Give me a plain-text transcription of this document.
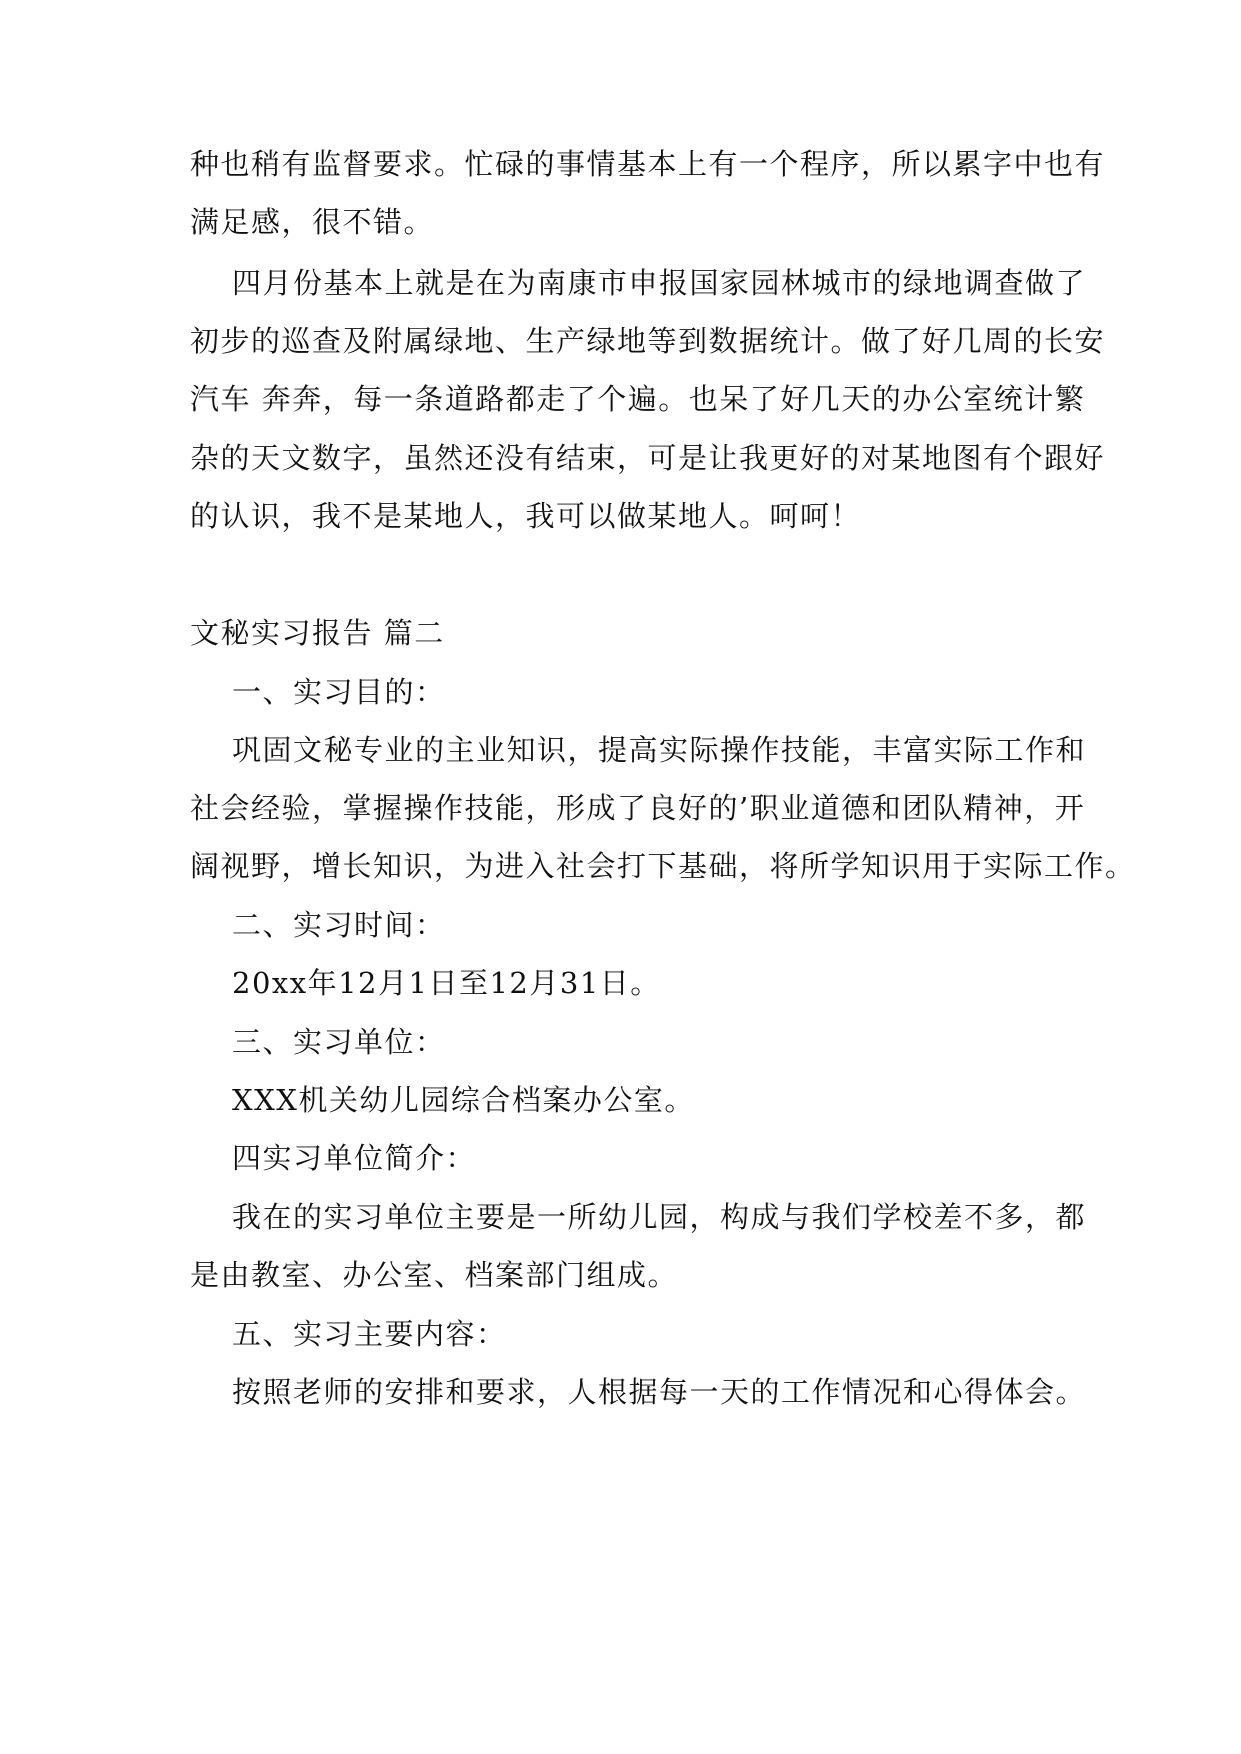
种也稍有监督要求。忙碌的事情基本上有一个程序，所以累字中也有
满足感，很不错。
四月份基本上就是在为南康市申报国家园林城市的绿地调查做了
初步的巡查及附属绿地、生产绿地等到数据统计。做了好几周的长安
汽车 奔奔，每一条道路都走了个遍。也呆了好几天的办公室统计繁
杂的天文数字，虽然还没有结束，可是让我更好的对某地图有个跟好
的认识，我不是某地人，我可以做某地人。呵呵！
文秘实习报告 篇二
一、实习目的：
巩固文秘专业的主业知识，提高实际操作技能，丰富实际工作和
社会经验，掌握操作技能，形成了良好的’职业道德和团队精神，开
阔视野，增长知识，为进入社会打下基础，将所学知识用于实际工作。
二、实习时间：
20xx年12月1日至12月31日。
三、实习单位：
XXX机关幼儿园综合档案办公室。
四实习单位简介：
我在的实习单位主要是一所幼儿园，构成与我们学校差不多，都
是由教室、办公室、档案部门组成。
五、实习主要内容：
按照老师的安排和要求，人根据每一天的工作情况和心得体会。
